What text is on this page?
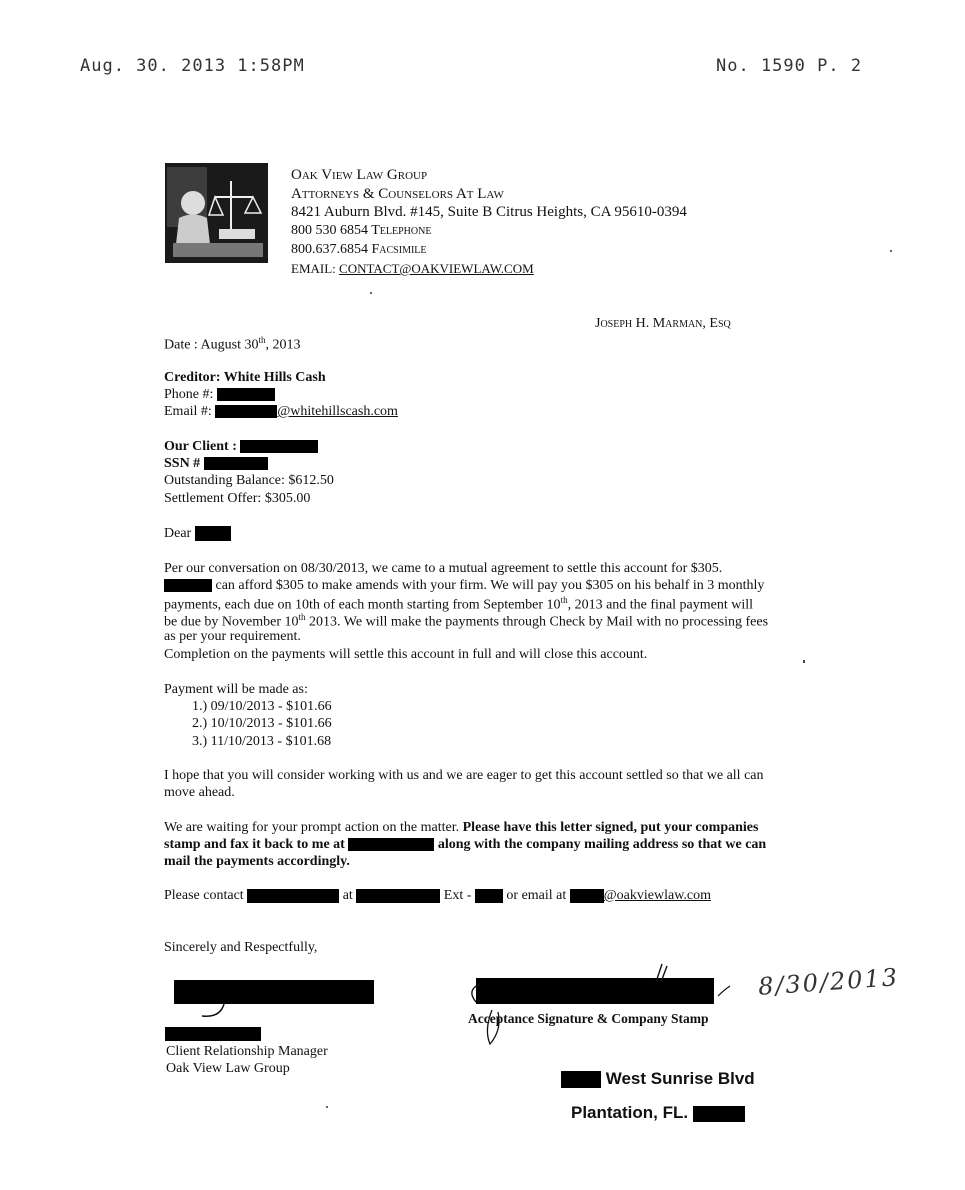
Aug. 30. 2013 1:58PM	No. 1590 P. 2
Oak View Law Group
Attorneys & Counselors At Law
8421 Auburn Blvd. #145, Suite B Citrus Heights, CA 95610-0394
800 530 6854 Telephone
800.637.6854 Facsimile
EMAIL: CONTACT@OAKVIEWLAW.COM
Joseph H. Marman, Esq
Date : August 30th, 2013
Creditor: White Hills Cash
Phone #:
Email #:	@whitehillscash.com
Our Client :
SSN #
Outstanding Balance: $612.50
Settlement Offer: $305.00
Dear
Per our conversation on 08/30/2013, we came to a mutual agreement to settle this account for $305.
can afford $305 to make amends with your firm. We will pay you $305 on his behalf in 3 monthly
payments, each due on 10th of each month starting from September 10th, 2013 and the final payment will
be due by November 10th 2013. We will make the payments through Check by Mail with no processing fees
as per your requirement.
Completion on the payments will settle this account in full and will close this account.
Payment will be made as:
1.) 09/10/2013 - $101.66
2.) 10/10/2013 - $101.66
3.) 11/10/2013 - $101.68
I hope that you will consider working with us and we are eager to get this account settled so that we all can
move ahead.
We are waiting for your prompt action on the matter. Please have this letter signed, put your companies
stamp and fax it back to me at	along with the company mailing address so that we can
mail the payments accordingly.
Please contact	at	Ext -  or email at @oakviewlaw.com
Sincerely and Respectfully,
Client Relationship Manager
Oak View Law Group
Acceptance Signature & Company Stamp
8/30/2013
West Sunrise Blvd
Plantation, FL.
